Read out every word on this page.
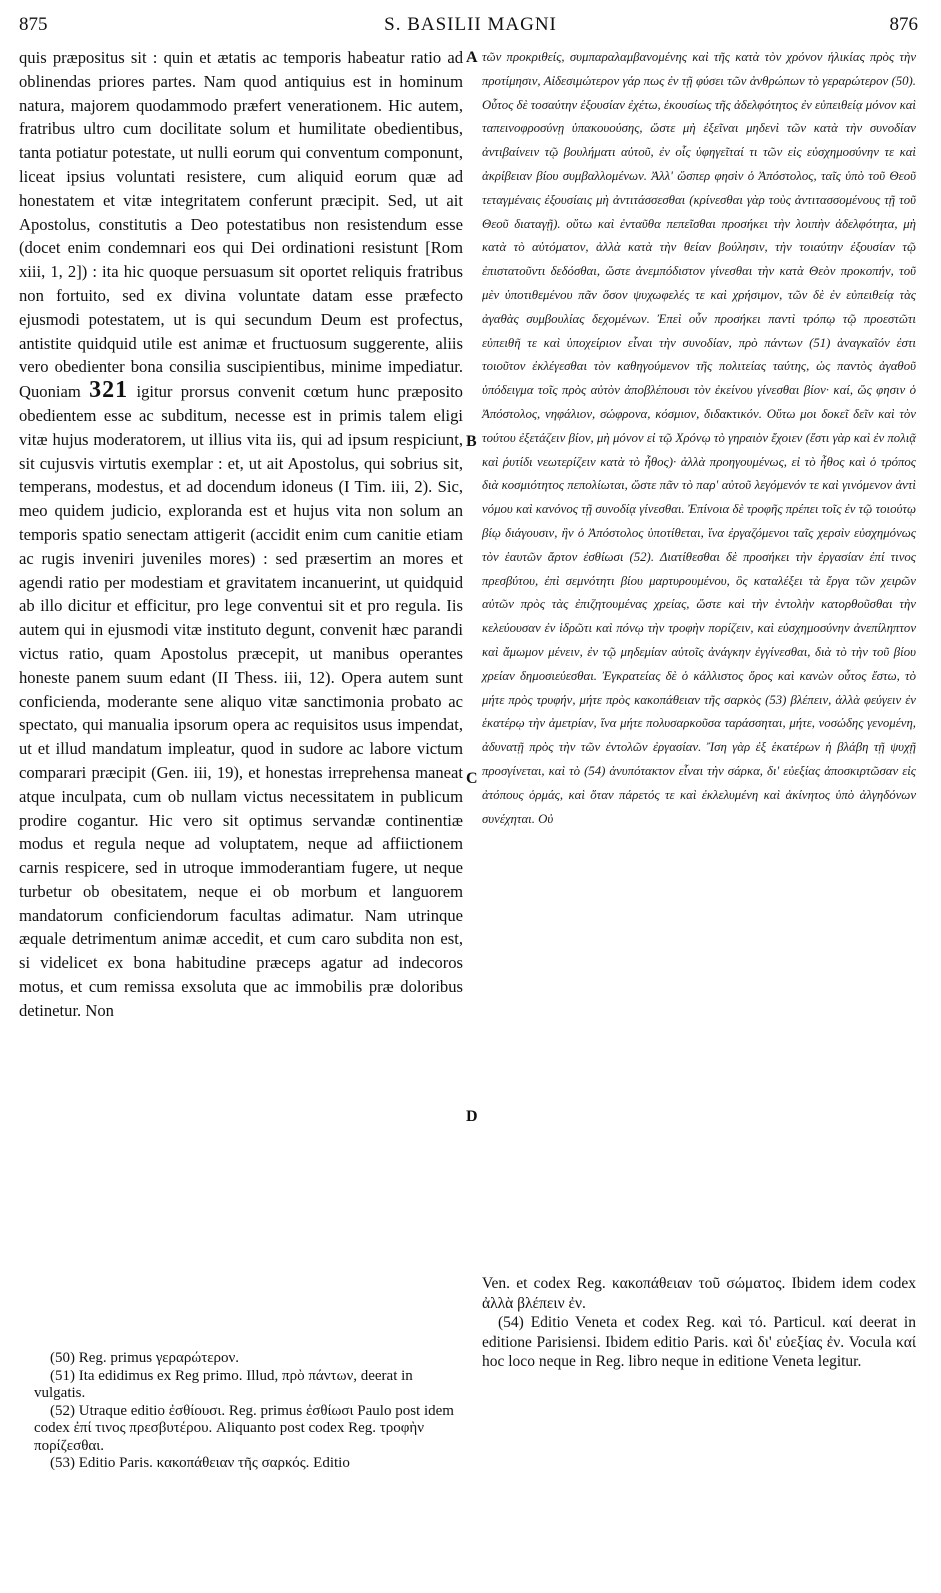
875	S. BASILII MAGNI	876

quis præpositus sit : quin et ætatis ac temporis habeatur ratio ad oblinendas priores partes. Nam quod antiquius est in hominum natura, majorem quodammodo præfert venerationem. Hic autem, fratribus ultro cum docilitate solum et humilitate obedientibus, tanta potiatur potestate, ut nulli eorum qui conventum componunt, liceat ipsius voluntati resistere, cum aliquid eorum quæ ad honestatem et vitæ integritatem conferunt præcipit. Sed, ut ait Apostolus, constitutis a Deo potestatibus non resistendum esse (docet enim condemnari eos qui Dei ordinationi resistunt [Rom xiii, 1, 2]) : ita hic quoque persuasum sit oportet reliquis fratribus non fortuito, sed ex divina voluntate datam esse præfecto ejusmodi potestatem, ut is qui secundum Deum est profectus, antistite quidquid utile est animæ et fructuosum suggerente, aliis vero obedienter bona consilia suscipientibus, minime impediatur. Quoniam 321 igitur prorsus convenit cœtum hunc præposito obedientem esse ac subditum, necesse est in primis talem eligi vitæ hujus moderatorem, ut illius vita iis, qui ad ipsum respiciunt, sit cujusvis virtutis exemplar : et, ut ait Apostolus, qui sobrius sit, temperans, modestus, et ad docendum idoneus (I Tim. iii, 2). Sic, meo quidem judicio, exploranda est et hujus vita non solum an temporis spatio senectam attigerit (accidit enim cum canitie etiam ac rugis inveniri juveniles mores) : sed præsertim an mores et agendi ratio per modestiam et gravitatem incanuerint, ut quidquid ab illo dicitur et efficitur, pro lege conventui sit et pro regula. Iis autem qui in ejusmodi vitæ instituto degunt, convenit hæc parandi victus ratio, quam Apostolus præcepit, ut manibus operantes honeste panem suum edant (II Thess. iii, 12). Opera autem sunt conficienda, moderante sene aliquo vitæ sanctimonia probato ac spectato, qui manualia ipsorum opera ac requisitos usus impendat, ut et illud mandatum impleatur, quod in sudore ac labore victum comparari præcipit (Gen. iii, 19), et honestas irreprehensa maneat atque inculpata, cum ob nullam victus necessitatem in publicum prodire cogantur. Hic vero sit optimus servandæ continentiæ modus et regula neque ad voluptatem, neque ad affiictionem carnis respicere, sed in utroque immoderantiam fugere, ut neque turbetur ob obesitatem, neque ei ob morbum et languorem mandatorum conficiendorum facultas adimatur. Nam utrinque æquale detrimentum animæ accedit, et cum caro subdita non est, si videlicet ex bona habitudine præceps agatur ad indecoros motus, et cum remissa exsoluta que ac immobilis præ doloribus detinetur. Non

A
B
C
D

τῶν προκριθείς, συμπαραλαμβανομένης καὶ τῆς κατὰ τὸν χρόνον ἡλικίας πρὸς τὴν προτίμησιν, Αἰδεσιμώτερον γάρ πως ἐν τῇ φύσει τῶν ἀνθρώπων τὸ γεραρώτερον (50). Οὗτος δὲ τοσαύτην ἐξουσίαν ἐχέτω, ἑκουσίως τῆς ἀδελφότητος ἐν εὐπειθείᾳ μόνον καὶ ταπεινοφροσύνῃ ὑπακουούσης, ὥστε μὴ ἐξεῖναι μηδενὶ τῶν κατὰ τὴν συνοδίαν ἀντιβαίνειν τῷ βουλήματι αὐτοῦ, ἐν οἷς ὑφηγεῖταί τι τῶν εἰς εὐσχημοσύνην τε καὶ ἀκρίβειαν βίου συμβαλλομένων. Ἀλλ' ὥσπερ φησὶν ὁ Ἀπόστολος, ταῖς ὑπὸ τοῦ Θεοῦ τεταγμέναις ἐξουσίαις μὴ ἀντιτάσσεσθαι (κρίνεσθαι γὰρ τοὺς ἀντιτασσομένους τῇ τοῦ Θεοῦ διαταγῇ). οὕτω καὶ ἐνταῦθα πεπεῖσθαι προσήκει τὴν λοιπὴν ἀδελφότητα, μὴ κατὰ τὸ αὐτόματον, ἀλλὰ κατὰ τὴν θείαν βούλησιν, τὴν τοιαύτην ἐξουσίαν τῷ ἐπιστατοῦντι δεδόσθαι, ὥστε ἀνεμπόδιστον γίνεσθαι τὴν κατὰ Θεὸν προκοπήν, τοῦ μὲν ὑποτιθεμένου πᾶν ὅσον ψυχωφελές τε καὶ χρήσιμον, τῶν δὲ ἐν εὐπειθείᾳ τὰς ἀγαθὰς συμβουλίας δεχομένων. Ἐπεὶ οὖν προσήκει παντὶ τρόπῳ τῷ προεστῶτι εὐπειθῆ τε καὶ ὑποχείριον εἶναι τὴν συνοδίαν, πρὸ πάντων (51) ἀναγκαῖόν ἐστι τοιοῦτον ἐκλέγεσθαι τὸν καθηγούμενον τῆς πολιτείας ταύτης, ὡς παντὸς ἀγαθοῦ ὑπόδειγμα τοῖς πρὸς αὐτὸν ἀποβλέπουσι τὸν ἐκείνου γίνεσθαι βίον· καί, ὥς φησιν ὁ Ἀπόστολος, νηφάλιον, σώφρονα, κόσμιον, διδακτικόν. Οὕτω μοι δοκεῖ δεῖν καὶ τὸν τούτου ἐξετάζειν βίον, μὴ μόνον εἰ τῷ Χρόνῳ τὸ γηραιὸν ἔχοιεν (ἔστι γὰρ καὶ ἐν πολιᾷ καὶ ῥυτίδι νεωτερίζειν κατὰ τὸ ἦθος)· ἀλλὰ προηγουμένως, εἰ τὸ ἦθος καὶ ὁ τρόπος διὰ κοσμιότητος πεπολίωται, ὥστε πᾶν τὸ παρ' αὐτοῦ λεγόμενόν τε καὶ γινόμενον ἀντὶ νόμου καὶ κανόνος τῇ συνοδίᾳ γίνεσθαι. Ἐπίνοια δὲ τροφῆς πρέπει τοῖς ἐν τῷ τοιούτῳ βίῳ διάγουσιν, ἣν ὁ Ἀπόστολος ὑποτίθεται, ἵνα ἐργαζόμενοι ταῖς χερσὶν εὐσχημόνως τὸν ἑαυτῶν ἄρτον ἐσθίωσι (52). Διατίθεσθαι δὲ προσήκει τὴν ἐργασίαν ἐπί τινος πρεσβύτου, ἐπὶ σεμνότητι βίου μαρτυρουμένου, ὃς καταλέξει τὰ ἔργα τῶν χειρῶν αὐτῶν πρὸς τὰς ἐπιζητουμένας χρείας, ὥστε καὶ τὴν ἐντολὴν κατορθοῦσθαι τὴν κελεύουσαν ἐν ἱδρῶτι καὶ πόνῳ τὴν τροφὴν πορίζειν, καὶ εὐσχημοσύνην ἀνεπίληπτον καὶ ἄμωμον μένειν, ἐν τῷ μηδεμίαν αὐτοῖς ἀνάγκην ἐγγίνεσθαι, διὰ τὸ τὴν τοῦ βίου χρείαν δημοσιεύεσθαι. Ἐγκρατείας δὲ ὁ κάλλιστος ὅρος καὶ κανὼν οὗτος ἔστω, τὸ μήτε πρὸς τρυφήν, μήτε πρὸς κακοπάθειαν τῆς σαρκὸς (53) βλέπειν, ἀλλὰ φεύγειν ἐν ἑκατέρῳ τὴν ἀμετρίαν, ἵνα μήτε πολυσαρκοῦσα ταράσσηται, μήτε, νοσώδης γενομένη, ἀδυνατῇ πρὸς τὴν τῶν ἐντολῶν ἐργασίαν. Ἴση γὰρ ἐξ ἑκατέρων ἡ βλάβη τῇ ψυχῇ προσγίνεται, καὶ τὸ (54) ἀνυπότακτον εἶναι τὴν σάρκα, δι' εὐεξίας ἀποσκιρτῶσαν εἰς ἀτόπους ὁρμάς, καὶ ὅταν πάρετός τε καὶ ἐκλελυμένη καὶ ἀκίνητος ὑπὸ ἀλγηδόνων συνέχηται. Οὐ

(50) Reg. primus γεραρώτερον.

(51) Ita edidimus ex Reg primo. Illud, πρὸ πάντων, deerat in vulgatis.

(52) Utraque editio ἐσθίουσι. Reg. primus ἐσθίωσι Paulo post idem codex ἐπί τινος πρεσβυτέρου. Aliquanto post codex Reg. τροφὴν πορίζεσθαι.

(53) Editio Paris. κακοπάθειαν τῆς σαρκός. Editio

Ven. et codex Reg. κακοπάθειαν τοῦ σώματος. Ibidem idem codex ἀλλὰ βλέπειν ἐν.

(54) Editio Veneta et codex Reg. καὶ τό. Particul. καί deerat in editione Parisiensi. Ibidem editio Paris. καὶ δι' εὐεξίας ἐν. Vocula καί hoc loco neque in Reg. libro neque in editione Veneta legitur.
